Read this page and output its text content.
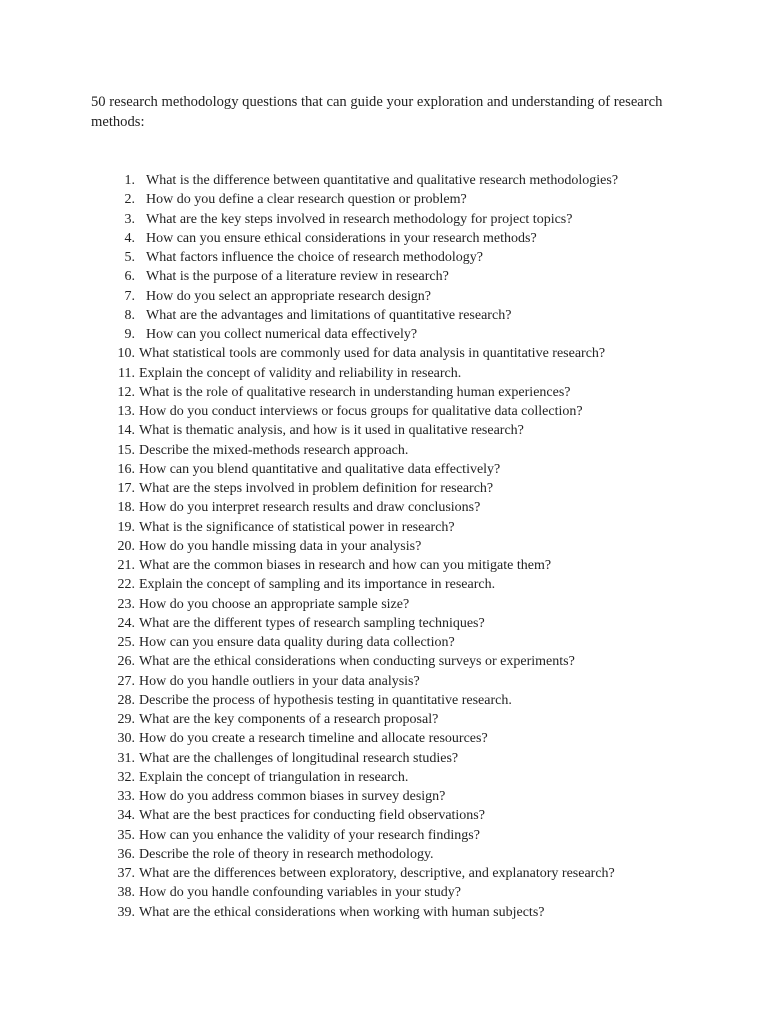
50 research methodology questions that can guide your exploration and understanding of research methods:

1. What is the difference between quantitative and qualitative research methodologies?
2. How do you define a clear research question or problem?
3. What are the key steps involved in research methodology for project topics?
4. How can you ensure ethical considerations in your research methods?
5. What factors influence the choice of research methodology?
6. What is the purpose of a literature review in research?
7. How do you select an appropriate research design?
8. What are the advantages and limitations of quantitative research?
9. How can you collect numerical data effectively?
10. What statistical tools are commonly used for data analysis in quantitative research?
11. Explain the concept of validity and reliability in research.
12. What is the role of qualitative research in understanding human experiences?
13. How do you conduct interviews or focus groups for qualitative data collection?
14. What is thematic analysis, and how is it used in qualitative research?
15. Describe the mixed-methods research approach.
16. How can you blend quantitative and qualitative data effectively?
17. What are the steps involved in problem definition for research?
18. How do you interpret research results and draw conclusions?
19. What is the significance of statistical power in research?
20. How do you handle missing data in your analysis?
21. What are the common biases in research and how can you mitigate them?
22. Explain the concept of sampling and its importance in research.
23. How do you choose an appropriate sample size?
24. What are the different types of research sampling techniques?
25. How can you ensure data quality during data collection?
26. What are the ethical considerations when conducting surveys or experiments?
27. How do you handle outliers in your data analysis?
28. Describe the process of hypothesis testing in quantitative research.
29. What are the key components of a research proposal?
30. How do you create a research timeline and allocate resources?
31. What are the challenges of longitudinal research studies?
32. Explain the concept of triangulation in research.
33. How do you address common biases in survey design?
34. What are the best practices for conducting field observations?
35. How can you enhance the validity of your research findings?
36. Describe the role of theory in research methodology.
37. What are the differences between exploratory, descriptive, and explanatory research?
38. How do you handle confounding variables in your study?
39. What are the ethical considerations when working with human subjects?
